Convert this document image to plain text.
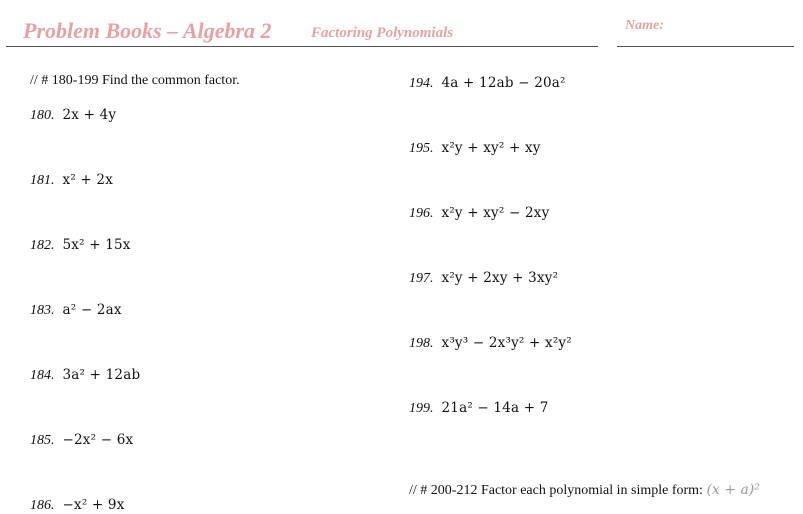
Problem Books – Algebra 2	Factoring Polynomials	Name:
// # 180-199 Find the common factor.
180. 2x + 4y
181. x² + 2x
182. 5x² + 15x
183. a² − 2ax
184. 3a² + 12ab
185. −2x² − 6x
186. −x² + 9x
194. 4a + 12ab − 20a²
195. x²y + xy² + xy
196. x²y + xy² − 2xy
197. x²y + 2xy + 3xy²
198. x³y³ − 2x³y² + x²y²
199. 21a² − 14a + 7
// # 200-212 Factor each polynomial in simple form: (x + a)²
